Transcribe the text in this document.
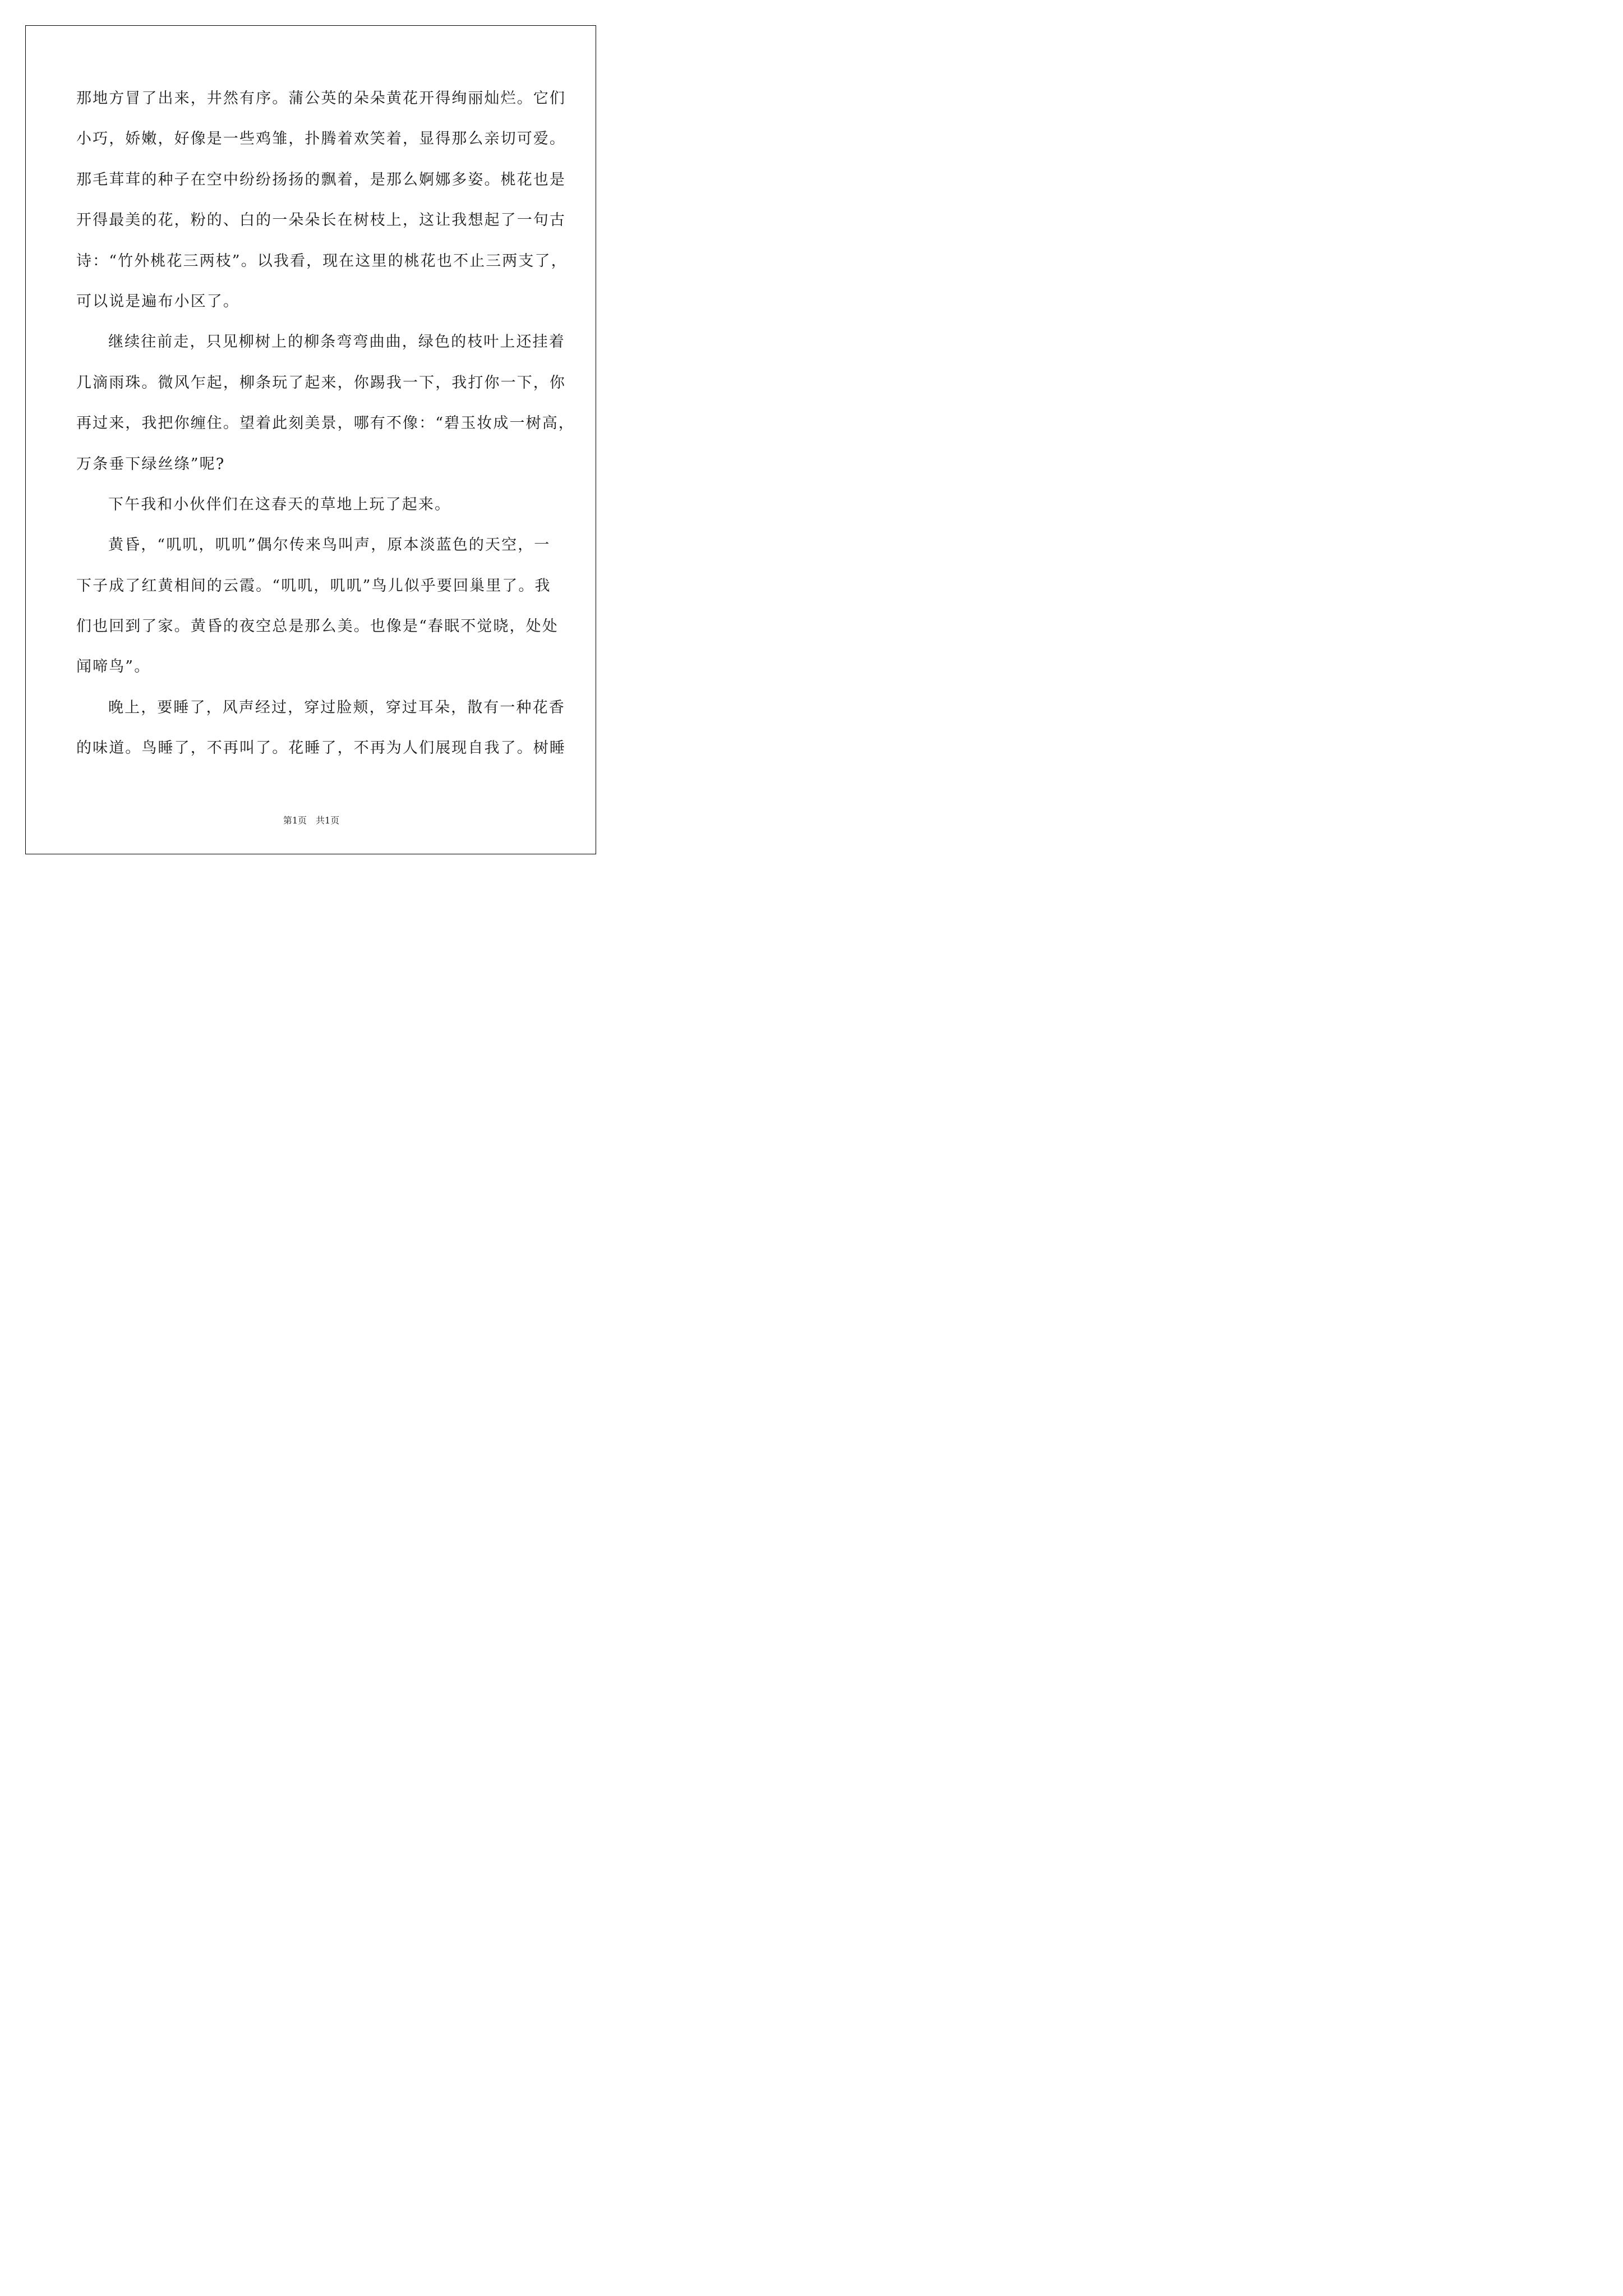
那地方冒了出来，井然有序。蒲公英的朵朵黄花开得绚丽灿烂。它们
小巧，娇嫩，好像是一些鸡雏，扑腾着欢笑着，显得那么亲切可爱。
那毛茸茸的种子在空中纷纷扬扬的飘着，是那么婀娜多姿。桃花也是
开得最美的花，粉的、白的一朵朵长在树枝上，这让我想起了一句古
诗：“竹外桃花三两枝”。以我看，现在这里的桃花也不止三两支了，
可以说是遍布小区了。
继续往前走，只见柳树上的柳条弯弯曲曲，绿色的枝叶上还挂着
几滴雨珠。微风乍起，柳条玩了起来，你踢我一下，我打你一下，你
再过来，我把你缠住。望着此刻美景，哪有不像：“碧玉妆成一树高，
万条垂下绿丝绦”呢?
下午我和小伙伴们在这春天的草地上玩了起来。
黄昏，“叽叽，叽叽”偶尔传来鸟叫声，原本淡蓝色的天空，一
下子成了红黄相间的云霞。“叽叽，叽叽”鸟儿似乎要回巢里了。我
们也回到了家。黄昏的夜空总是那么美。也像是“春眠不觉晓，处处
闻啼鸟”。
晚上，要睡了，风声经过，穿过脸颊，穿过耳朵，散有一种花香
的味道。鸟睡了，不再叫了。花睡了，不再为人们展现自我了。树睡
第1页　共1页
